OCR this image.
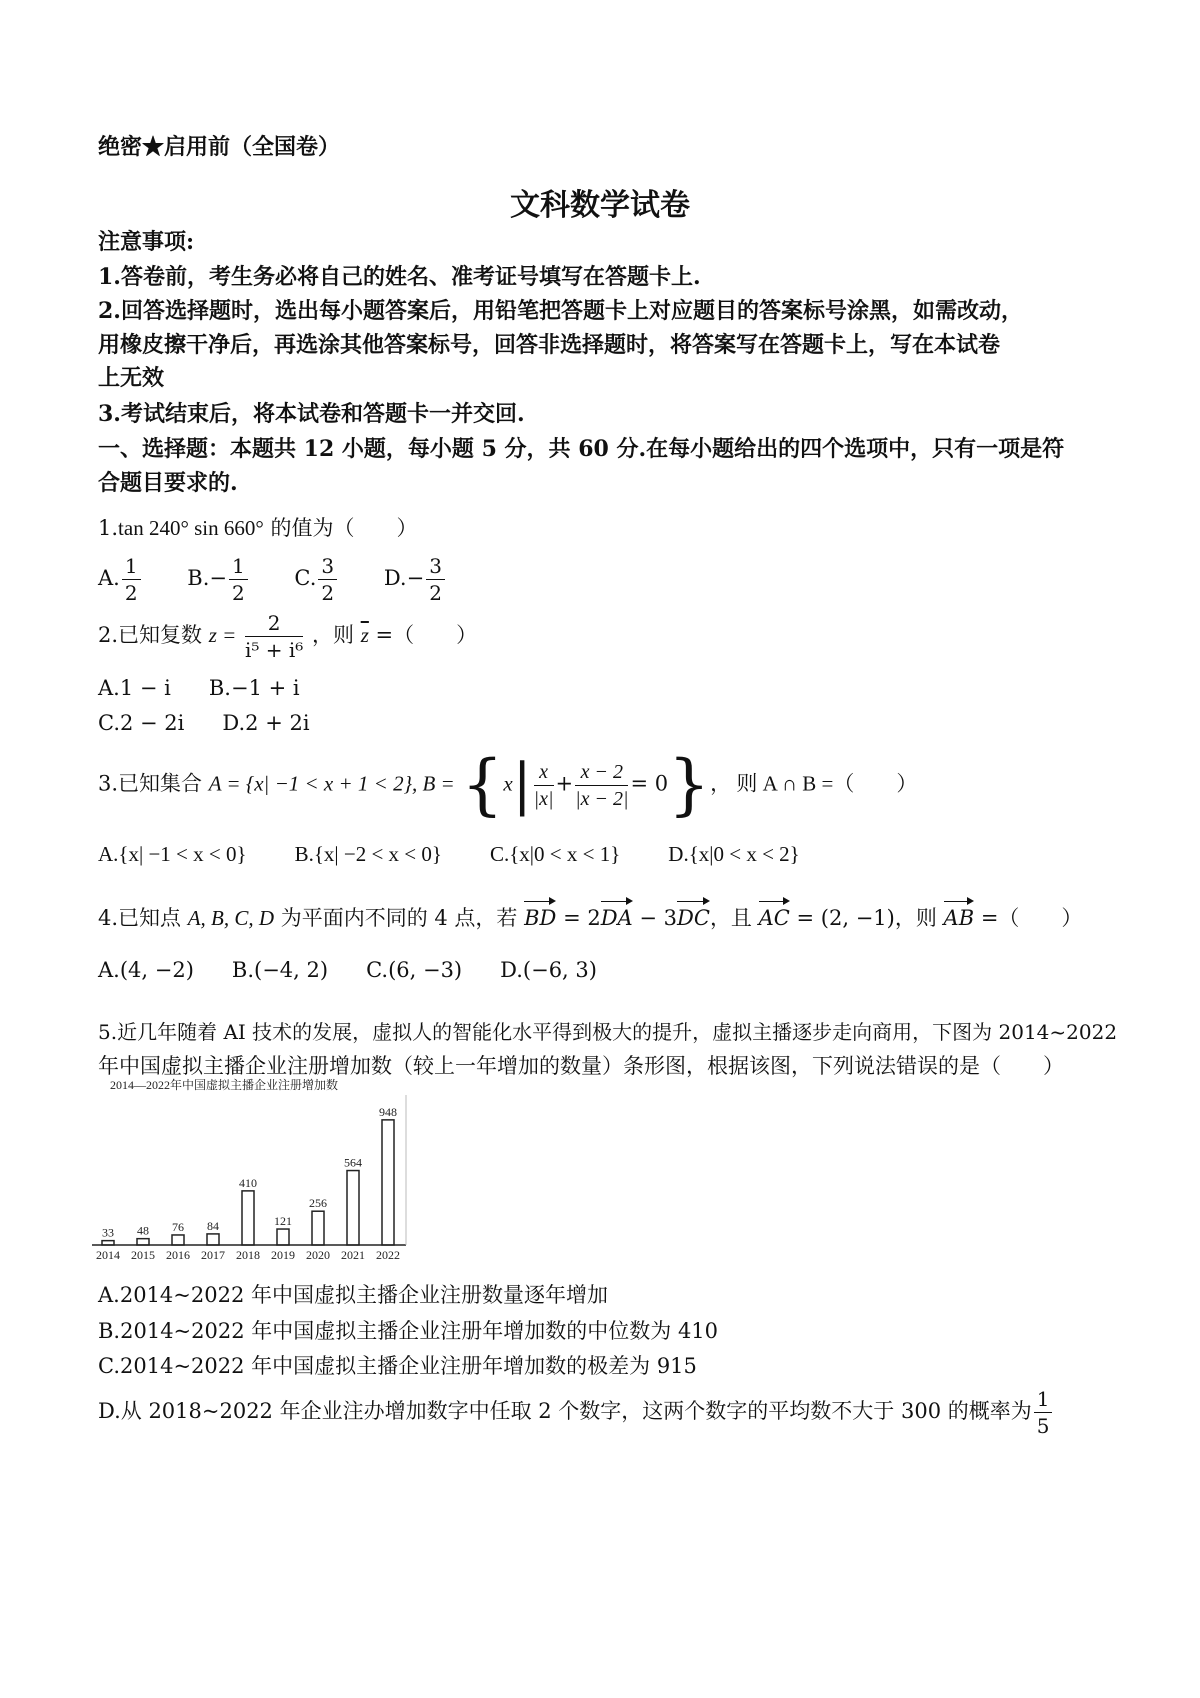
绝密★启用前（全国卷）
文科数学试卷
注意事项:
1.答卷前，考生务必将自己的姓名、准考证号填写在答题卡上.
2.回答选择题时，选出每小题答案后，用铅笔把答题卡上对应题目的答案标号涂黑，如需改动，
用橡皮擦干净后，再选涂其他答案标号，回答非选择题时，将答案写在答题卡上，写在本试卷
上无效
3.考试结束后，将本试卷和答题卡一并交回.
一、选择题：本题共 12 小题，每小题 5 分，共 60 分.在每小题给出的四个选项中，只有一项是符
合题目要求的.
1.tan 240° sin 660° 的值为（　　）
A. $\frac{1}{2} B.- \frac{1}{2} C$. $\frac{3}{2} D.- \frac{3}{2}$
2.已知复数 $z = \frac{2}{\text{i⁵ + i⁶}}$ ，则 $\overline{z}$ =（　　）
A.1 − i B.−1 + i
C.2 − 2i D.2 + 2i
3.已知集合 A = {x| −1 < x + 1 < 2}, $B = \{x| \frac{x}{|x|} + \frac{x - 2}{|x - 2|} = 0\}$， 则 A ∩ B =（　　）
A.{x| −1 < x < 0} B.{x| −2 < x < 0} C.{x|0 < x < 1} D.{x|0 < x < 2}
4.已知点 A, B, C, D 为平面内不同的 4 点，若 BD = 2DA − 3DC，且 AC = (2, −1)，则 AB =（　　）
A.(4, −2) B.(−4, 2) C.(6, −3) D.(−6, 3)
5.近几年随着 AI 技术的发展，虚拟人的智能化水平得到极大的提升，虚拟主播逐步走向商用，下图为 2014~2022
年中国虚拟主播企业注册增加数（较上一年增加的数量）条形图，根据该图，下列说法错误的是（　　）
2014—2022年中国虚拟主播企业注册增加数
33
2014
48
2015
76
2016
84
2017
410
2018
121
2019
256
2020
564
2021
948
2022
A.2014~2022 年中国虚拟主播企业注册数量逐年增加
B.2014~2022 年中国虚拟主播企业注册年增加数的中位数为 410
C.2014~2022 年中国虚拟主播企业注册年增加数的极差为 915
D.从 2018~2022 年企业注办增加数字中任取 2 个数字，这两个数字的平均数不大于 300 的概率为 $\frac{1}{5}$
